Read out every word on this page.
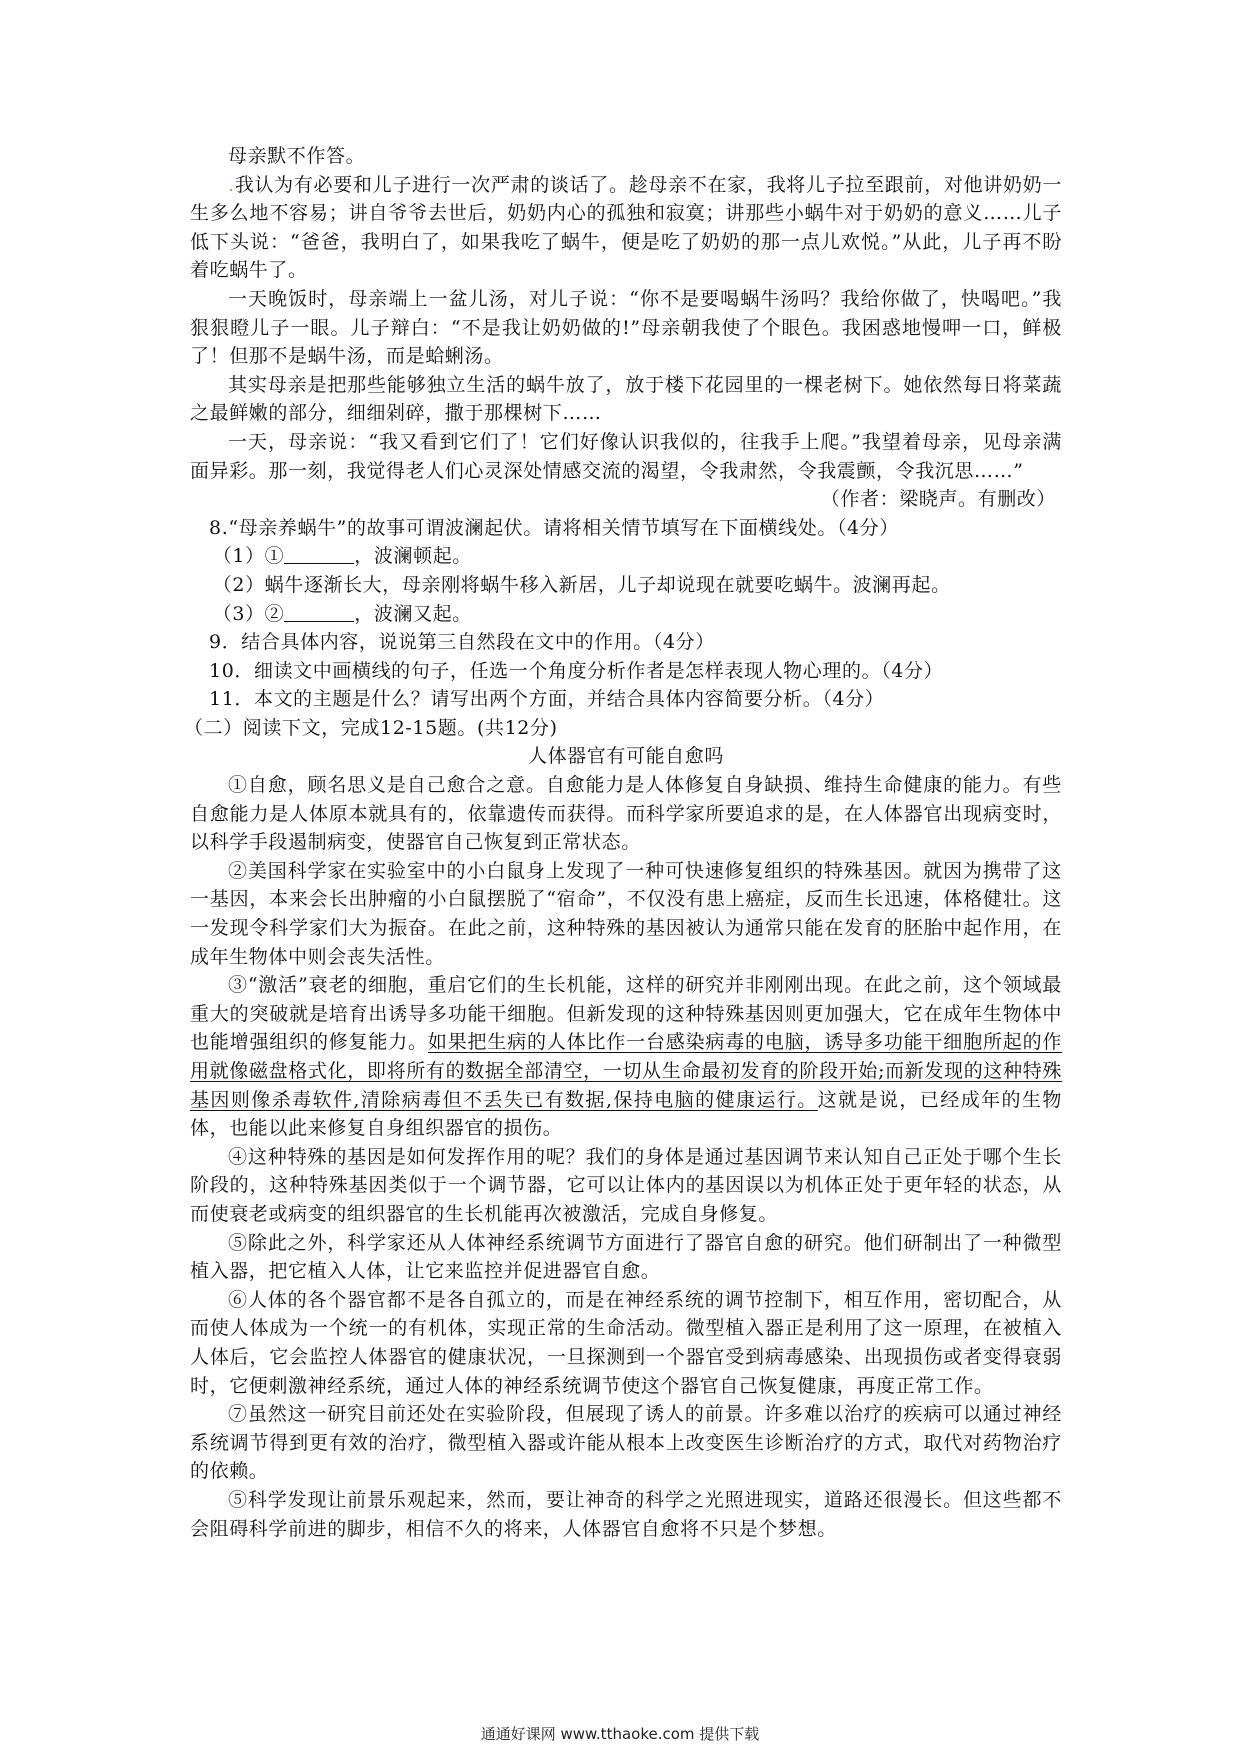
母亲默不作答。

.我认为有必要和儿子进行一次严肃的谈话了。趁母亲不在家，我将儿子拉至跟前，对他讲奶奶一生多么地不容易；讲自爷爷去世后，奶奶内心的孤独和寂寞；讲那些小蜗牛对于奶奶的意义……儿子低下头说：“爸爸，我明白了，如果我吃了蜗牛，便是吃了奶奶的那一点儿欢悦。”从此，儿子再不盼着吃蜗牛了。

一天晚饭时，母亲端上一盆儿汤，对儿子说：“你不是要喝蜗牛汤吗？我给你做了，快喝吧。”我狠狠瞪儿子一眼。儿子辩白：“不是我让奶奶做的!”母亲朝我使了个眼色。我困惑地慢呷一口，鲜极了！但那不是蜗牛汤，而是蛤蜊汤。

其实母亲是把那些能够独立生活的蜗牛放了，放于楼下花园里的一棵老树下。她依然每日将菜蔬之最鲜嫩的部分，细细剁碎，撒于那棵树下……

一天，母亲说：“我又看到它们了！它们好像认识我似的，往我手上爬。”我望着母亲，见母亲满面异彩。那一刻，我觉得老人们心灵深处情感交流的渴望，令我肃然，令我震颤，令我沉思……”

（作者：梁晓声。有删改）

8.“母亲养蜗牛”的故事可谓波澜起伏。请将相关情节填写在下面横线处。（4分）

（1）①	，波澜顿起。

（2）蜗牛逐渐长大，母亲刚将蜗牛移入新居，儿子却说现在就要吃蜗牛。波澜再起。

（3）②	，波澜又起。

9．结合具体内容，说说第三自然段在文中的作用。（4分）

10．细读文中画横线的句子，任选一个角度分析作者是怎样表现人物心理的。（4分）

11．本文的主题是什么？请写出两个方面，并结合具体内容简要分析。（4分）

（二）阅读下文，完成12-15题。(共12分)

人体器官有可能自愈吗

①自愈，顾名思义是自己愈合之意。自愈能力是人体修复自身缺损、维持生命健康的能力。有些自愈能力是人体原本就具有的，依靠遗传而获得。而科学家所要追求的是，在人体器官出现病变时，以科学手段遏制病变，使器官自己恢复到正常状态。

②美国科学家在实验室中的小白鼠身上发现了一种可快速修复组织的特殊基因。就因为携带了这一基因，本来会长出肿瘤的小白鼠摆脱了“宿命”，不仅没有患上癌症，反而生长迅速，体格健壮。这一发现令科学家们大为振奋。在此之前，这种特殊的基因被认为通常只能在发育的胚胎中起作用，在成年生物体中则会丧失活性。

③“激活”衰老的细胞，重启它们的生长机能，这样的研究并非刚刚出现。在此之前，这个领域最重大的突破就是培育出诱导多功能干细胞。但新发现的这种特殊基因则更加强大，它在成年生物体中也能增强组织的修复能力。如果把生病的人体比作一台感染病毒的电脑，诱导多功能干细胞所起的作用就像磁盘格式化，即将所有的数据全部清空，一切从生命最初发育的阶段开始;而新发现的这种特殊基因则像杀毒软件,清除病毒但不丢失已有数据,保持电脑的健康运行。这就是说，已经成年的生物体，也能以此来修复自身组织器官的损伤。

④这种特殊的基因是如何发挥作用的呢？我们的身体是通过基因调节来认知自己正处于哪个生长阶段的，这种特殊基因类似于一个调节器，它可以让体内的基因误以为机体正处于更年轻的状态，从而使衰老或病变的组织器官的生长机能再次被激活，完成自身修复。

⑤除此之外，科学家还从人体神经系统调节方面进行了器官自愈的研究。他们研制出了一种微型植入器，把它植入人体，让它来监控并促进器官自愈。

⑥人体的各个器官都不是各自孤立的，而是在神经系统的调节控制下，相互作用，密切配合，从而使人体成为一个统一的有机体，实现正常的生命活动。微型植入器正是利用了这一原理，在被植入人体后，它会监控人体器官的健康状况，一旦探测到一个器官受到病毒感染、出现损伤或者变得衰弱时，它便刺激神经系统，通过人体的神经系统调节使这个器官自己恢复健康，再度正常工作。

⑦虽然这一研究目前还处在实验阶段，但展现了诱人的前景。许多难以治疗的疾病可以通过神经系统调节得到更有效的治疗，微型植入器或许能从根本上改变医生诊断治疗的方式，取代对药物治疗的依赖。

⑤科学发现让前景乐观起来，然而，要让神奇的科学之光照进现实，道路还很漫长。但这些都不会阻碍科学前进的脚步，相信不久的将来，人体器官自愈将不只是个梦想。

通通好课网 www.tthaoke.com 提供下载
